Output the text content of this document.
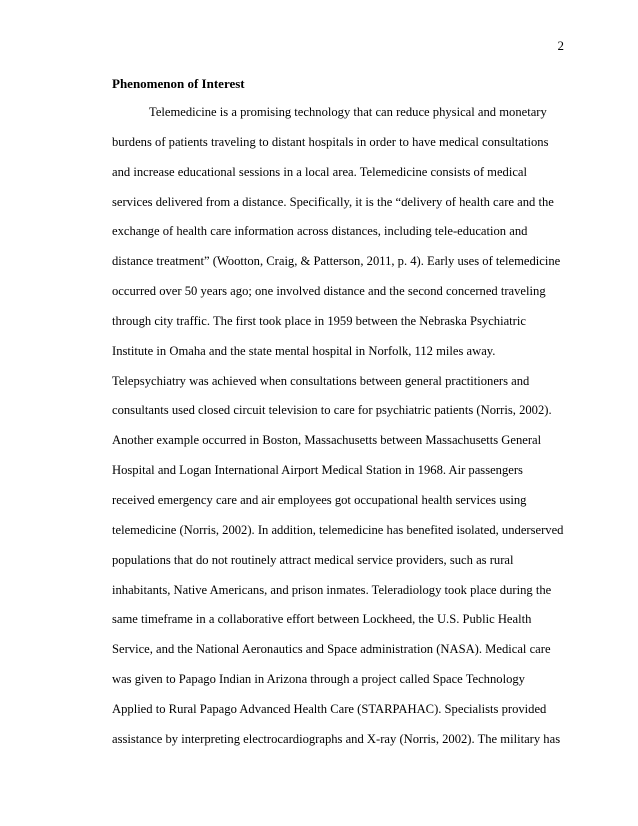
2
Phenomenon of Interest
Telemedicine is a promising technology that can reduce physical and monetary
burdens of patients traveling to distant hospitals in order to have medical consultations
and increase educational sessions in a local area. Telemedicine consists of medical
services delivered from a distance. Specifically, it is the “delivery of health care and the
exchange of health care information across distances, including tele-education and
distance treatment” (Wootton, Craig, & Patterson, 2011, p. 4). Early uses of telemedicine
occurred over 50 years ago; one involved distance and the second concerned traveling
through city traffic. The first took place in 1959 between the Nebraska Psychiatric
Institute in Omaha and the state mental hospital in Norfolk, 112 miles away.
Telepsychiatry was achieved when consultations between general practitioners and
consultants used closed circuit television to care for psychiatric patients (Norris, 2002).
Another example occurred in Boston, Massachusetts between Massachusetts General
Hospital and Logan International Airport Medical Station in 1968. Air passengers
received emergency care and air employees got occupational health services using
telemedicine (Norris, 2002). In addition, telemedicine has benefited isolated, underserved
populations that do not routinely attract medical service providers, such as rural
inhabitants, Native Americans, and prison inmates. Teleradiology took place during the
same timeframe in a collaborative effort between Lockheed, the U.S. Public Health
Service, and the National Aeronautics and Space administration (NASA). Medical care
was given to Papago Indian in Arizona through a project called Space Technology
Applied to Rural Papago Advanced Health Care (STARPAHAC). Specialists provided
assistance by interpreting electrocardiographs and X-ray (Norris, 2002). The military has
